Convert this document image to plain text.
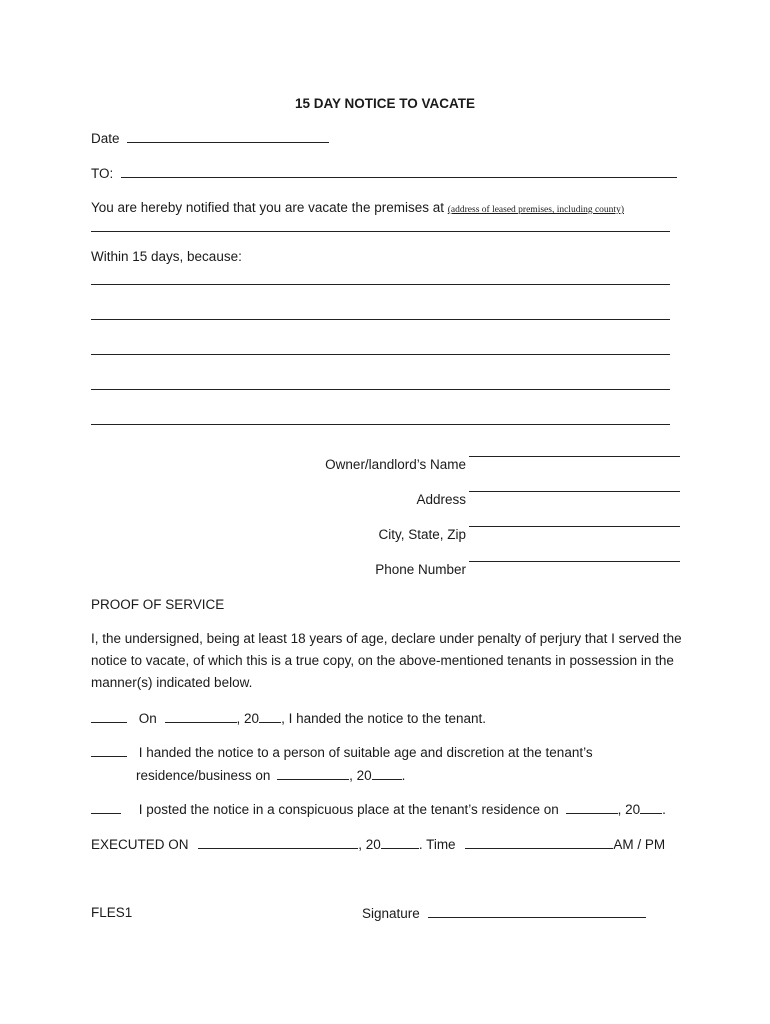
15 DAY NOTICE TO VACATE
Date
TO:
You are hereby notified that you are vacate the premises at (address of leased premises, including county)
Within 15 days, because:
Owner/landlord’s Name
Address
City, State, Zip
Phone Number
PROOF OF SERVICE
I, the undersigned, being at least 18 years of age, declare under penalty of perjury that I served the notice to vacate, of which this is a true copy, on the above-mentioned tenants in possession in the manner(s) indicated below.
On	, 20 , I handed the notice to the tenant.
I handed the notice to a person of suitable age and discretion at the tenant’s
residence/business on	, 20 .
I posted the notice in a conspicuous place at the tenant’s residence on	, 20 .
EXECUTED ON	, 20	. Time	AM / PM
FLES1	Signature
